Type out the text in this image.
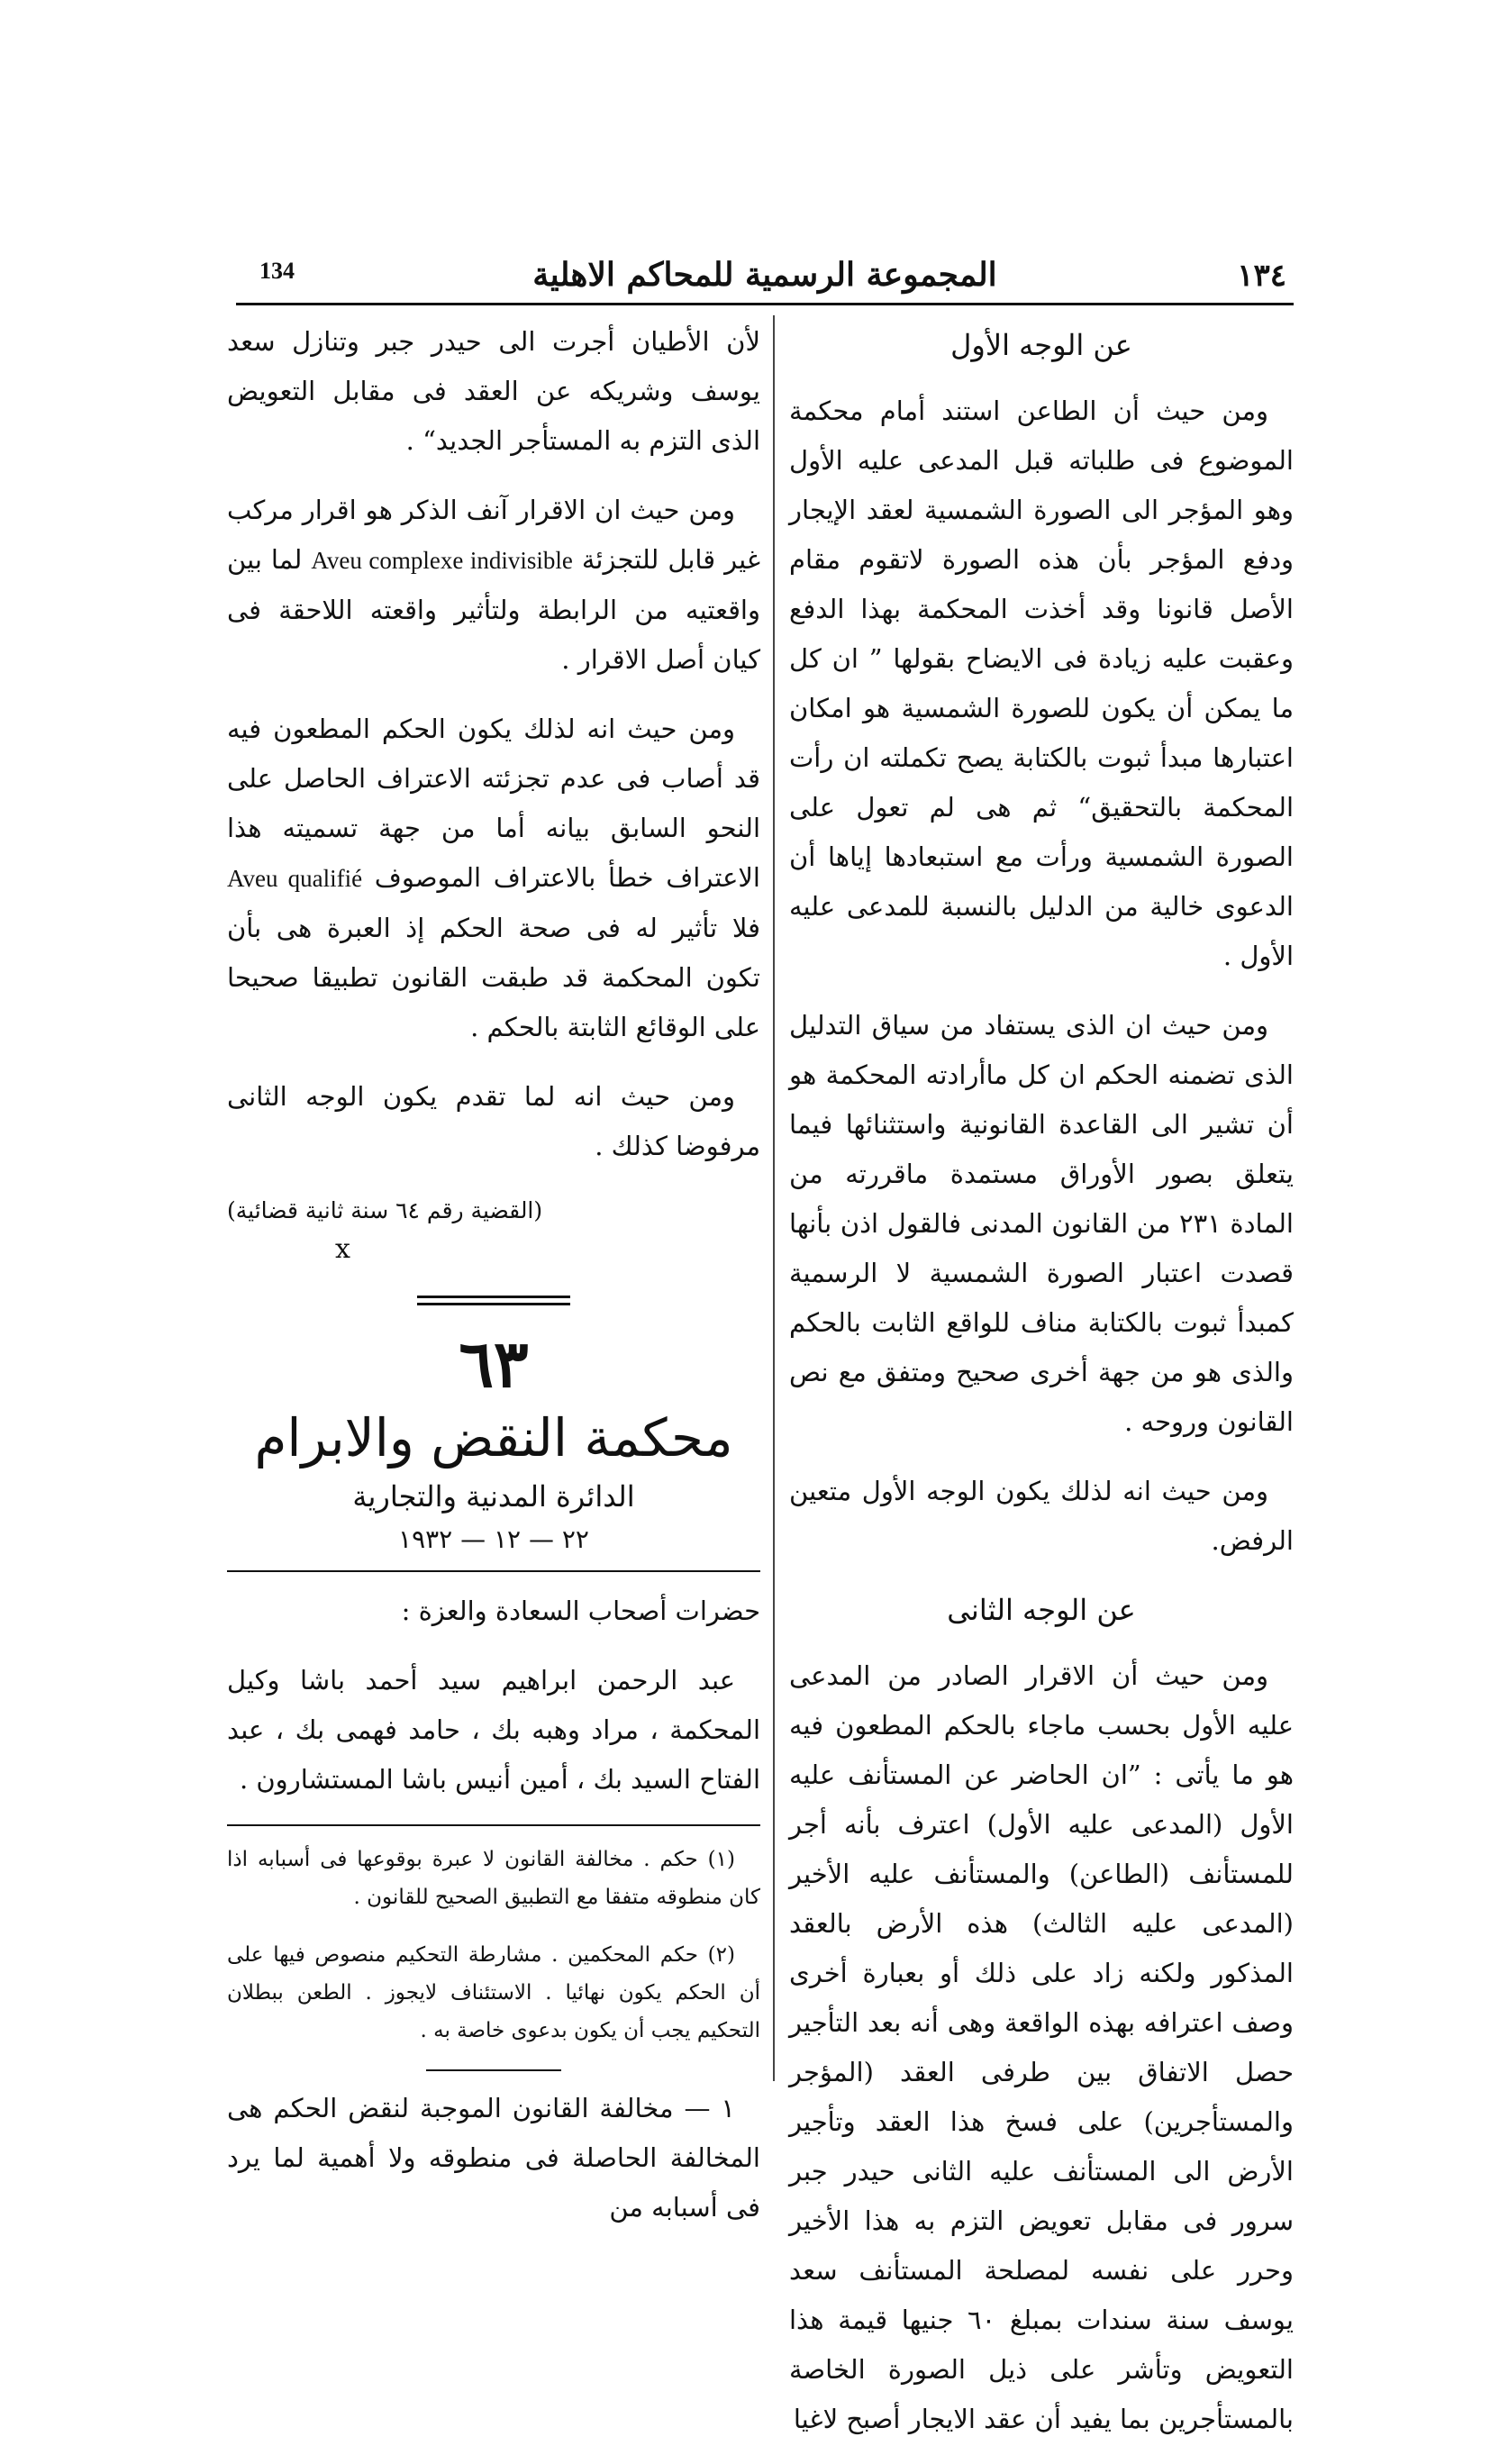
134	المجموعة الرسمية للمحاكم الاهلية	١٣٤
عن الوجه الأول

ومن حيث أن الطاعن استند أمام محكمة الموضوع فى طلباته قبل المدعى عليه الأول وهو المؤجر الى الصورة الشمسية لعقد الإيجار ودفع المؤجر بأن هذه الصورة لاتقوم مقام الأصل قانونا وقد أخذت المحكمة بهذا الدفع وعقبت عليه زيادة فى الايضاح بقولها ” ان كل ما يمكن أن يكون للصورة الشمسية هو امكان اعتبارها مبدأ ثبوت بالكتابة يصح تكملته ان رأت المحكمة بالتحقيق“ ثم هى لم تعول على الصورة الشمسية ورأت مع استبعادها إياها أن الدعوى خالية من الدليل بالنسبة للمدعى عليه الأول .

ومن حيث ان الذى يستفاد من سياق التدليل الذى تضمنه الحكم ان كل ماأرادته المحكمة هو أن تشير الى القاعدة القانونية واستثنائها فيما يتعلق بصور الأوراق مستمدة ماقررته من المادة ٢٣١ من القانون المدنى فالقول اذن بأنها قصدت اعتبار الصورة الشمسية لا الرسمية كمبدأ ثبوت بالكتابة مناف للواقع الثابت بالحكم والذى هو من جهة أخرى صحيح ومتفق مع نص القانون وروحه .

ومن حيث انه لذلك يكون الوجه الأول متعين الرفض.

عن الوجه الثانى

ومن حيث أن الاقرار الصادر من المدعى عليه الأول بحسب ماجاء بالحكم المطعون فيه هو ما يأتى : ”ان الحاضر عن المستأنف عليه الأول (المدعى عليه الأول) اعترف بأنه أجر للمستأنف (الطاعن) والمستأنف عليه الأخير (المدعى عليه الثالث) هذه الأرض بالعقد المذكور ولكنه زاد على ذلك أو بعبارة أخرى وصف اعترافه بهذه الواقعة وهى أنه بعد التأجير حصل الاتفاق بين طرفى العقد (المؤجر والمستأجرين) على فسخ هذا العقد وتأجير الأرض الى المستأنف عليه الثانى حيدر جبر سرور فى مقابل تعويض التزم به هذا الأخير وحرر على نفسه لمصلحة المستأنف سعد يوسف سنة سندات بمبلغ ٦٠ جنيها قيمة هذا التعويض وتأشر على ذيل الصورة الخاصة بالمستأجرين بما يفيد أن عقد الايجار أصبح لاغيا

لأن الأطيان أجرت الى حيدر جبر وتنازل سعد يوسف وشريكه عن العقد فى مقابل التعويض الذى التزم به المستأجر الجديد“ .

ومن حيث ان الاقرار آنف الذكر هو اقرار مركب غير قابل للتجزئة Aveu complexe indivisible لما بين واقعتيه من الرابطة ولتأثير واقعته اللاحقة فى كيان أصل الاقرار .

ومن حيث انه لذلك يكون الحكم المطعون فيه قد أصاب فى عدم تجزئته الاعتراف الحاصل على النحو السابق بيانه أما من جهة تسميته هذا الاعتراف خطأ بالاعتراف الموصوف Aveu qualifié فلا تأثير له فى صحة الحكم إذ العبرة هى بأن تكون المحكمة قد طبقت القانون تطبيقا صحيحا على الوقائع الثابتة بالحكم .

ومن حيث انه لما تقدم يكون الوجه الثانى مرفوضا كذلك .

(القضية رقم ٦٤ سنة ثانية قضائية)
x
٦٣
محكمة النقض والابرام
الدائرة المدنية والتجارية
٢٢ — ١٢ — ١٩٣٢

حضرات أصحاب السعادة والعزة :

عبد الرحمن ابراهيم سيد أحمد باشا وكيل المحكمة ، مراد وهبه بك ، حامد فهمى بك ، عبد الفتاح السيد بك ، أمين أنيس باشا المستشارون .

(١) حكم . مخالفة القانون لا عبرة بوقوعها فى أسبابه اذا كان منطوقه متفقا مع التطبيق الصحيح للقانون .

(٢) حكم المحكمين . مشارطة التحكيم منصوص فيها على أن الحكم يكون نهائيا . الاستئناف لايجوز . الطعن ببطلان التحكيم يجب أن يكون بدعوى خاصة به .

١ — مخالفة القانون الموجبة لنقض الحكم هى المخالفة الحاصلة فى منطوقه ولا أهمية لما يرد فى أسبابه من
